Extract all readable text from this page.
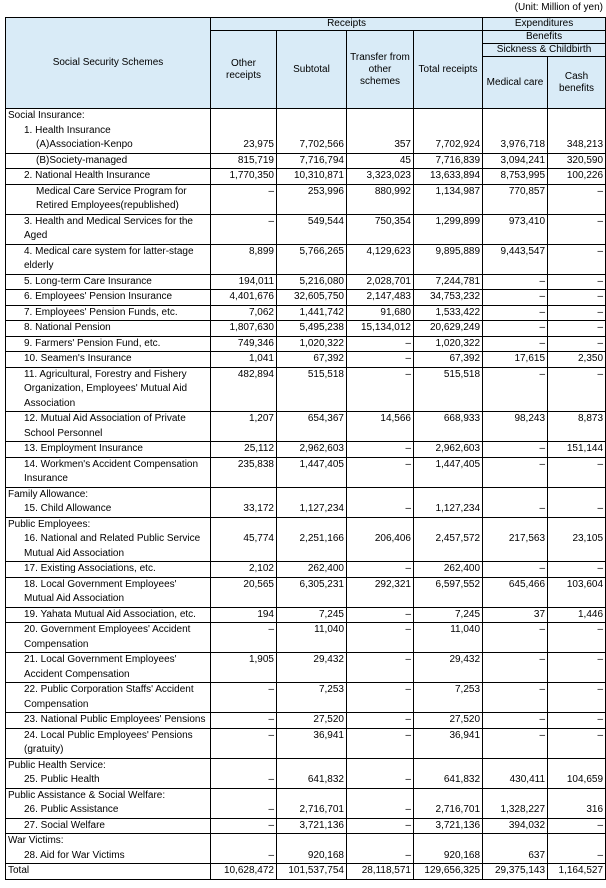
(Unit: Million of yen)
Social Security Schemes	Receipts				Expenditures	
	Other receipts	Subtotal	Transfer from other schemes	Total receipts	Benefits	
					Sickness & Childbirth	
					Medical care	Cash benefits
Social Insurance:						

1. Health Insurance						

(A)Association-Kenpo	23,975	7,702,566	357	7,702,924	3,976,718	348,213

(B)Society-managed	815,719	7,716,794	45	7,716,839	3,094,241	320,590

2. National Health Insurance	1,770,350	10,310,871	3,323,023	13,633,894	8,753,995	100,226

Medical Care Service Program for Retired Employees(republished)	–	253,996	880,992	1,134,987	770,857	–

3. Health and Medical Services for the Aged	–	549,544	750,354	1,299,899	973,410	–

4. Medical care system for latter-stage elderly	8,899	5,766,265	4,129,623	9,895,889	9,443,547	–

5. Long-term Care Insurance	194,011	5,216,080	2,028,701	7,244,781	–	–

6. Employees' Pension Insurance	4,401,676	32,605,750	2,147,483	34,753,232	–	–

7. Employees' Pension Funds, etc.	7,062	1,441,742	91,680	1,533,422	–	–

8. National Pension	1,807,630	5,495,238	15,134,012	20,629,249	–	–

9. Farmers' Pension Fund, etc.	749,346	1,020,322	–	1,020,322	–	–

10. Seamen's Insurance	1,041	67,392	–	67,392	17,615	2,350

11. Agricultural, Forestry and Fishery Organization, Employees' Mutual Aid Association	482,894	515,518	–	515,518	–	–

12. Mutual Aid Association of Private School Personnel	1,207	654,367	14,566	668,933	98,243	8,873

13. Employment Insurance	25,112	2,962,603	–	2,962,603	–	151,144

14. Workmen's Accident Compensation Insurance	235,838	1,447,405	–	1,447,405	–	–
Family Allowance:						

15. Child Allowance	33,172	1,127,234	–	1,127,234	–	–
Public Employees:						

16. National and Related Public Service Mutual Aid Association	45,774	2,251,166	206,406	2,457,572	217,563	23,105

17. Existing Associations, etc.	2,102	262,400	–	262,400	–	–

18. Local Government Employees' Mutual Aid Association	20,565	6,305,231	292,321	6,597,552	645,466	103,604

19. Yahata Mutual Aid Association, etc.	194	7,245	–	7,245	37	1,446

20. Government Employees' Accident Compensation	–	11,040	–	11,040	–	–

21. Local Government Employees' Accident Compensation	1,905	29,432	–	29,432	–	–

22. Public Corporation Staffs' Accident Compensation	–	7,253	–	7,253	–	–

23. National Public Employees' Pensions	–	27,520	–	27,520	–	–

24. Local Public Employees' Pensions (gratuity)	–	36,941	–	36,941	–	–
Public Health Service:						

25. Public Health	–	641,832	–	641,832	430,411	104,659
Public Assistance & Social Welfare:						

26. Public Assistance	–	2,716,701	–	2,716,701	1,328,227	316

27. Social Welfare	–	3,721,136	–	3,721,136	394,032	–
War Victims:						

28. Aid for War Victims	–	920,168	–	920,168	637	–
Total	10,628,472	101,537,754	28,118,571	129,656,325	29,375,143	1,164,527
